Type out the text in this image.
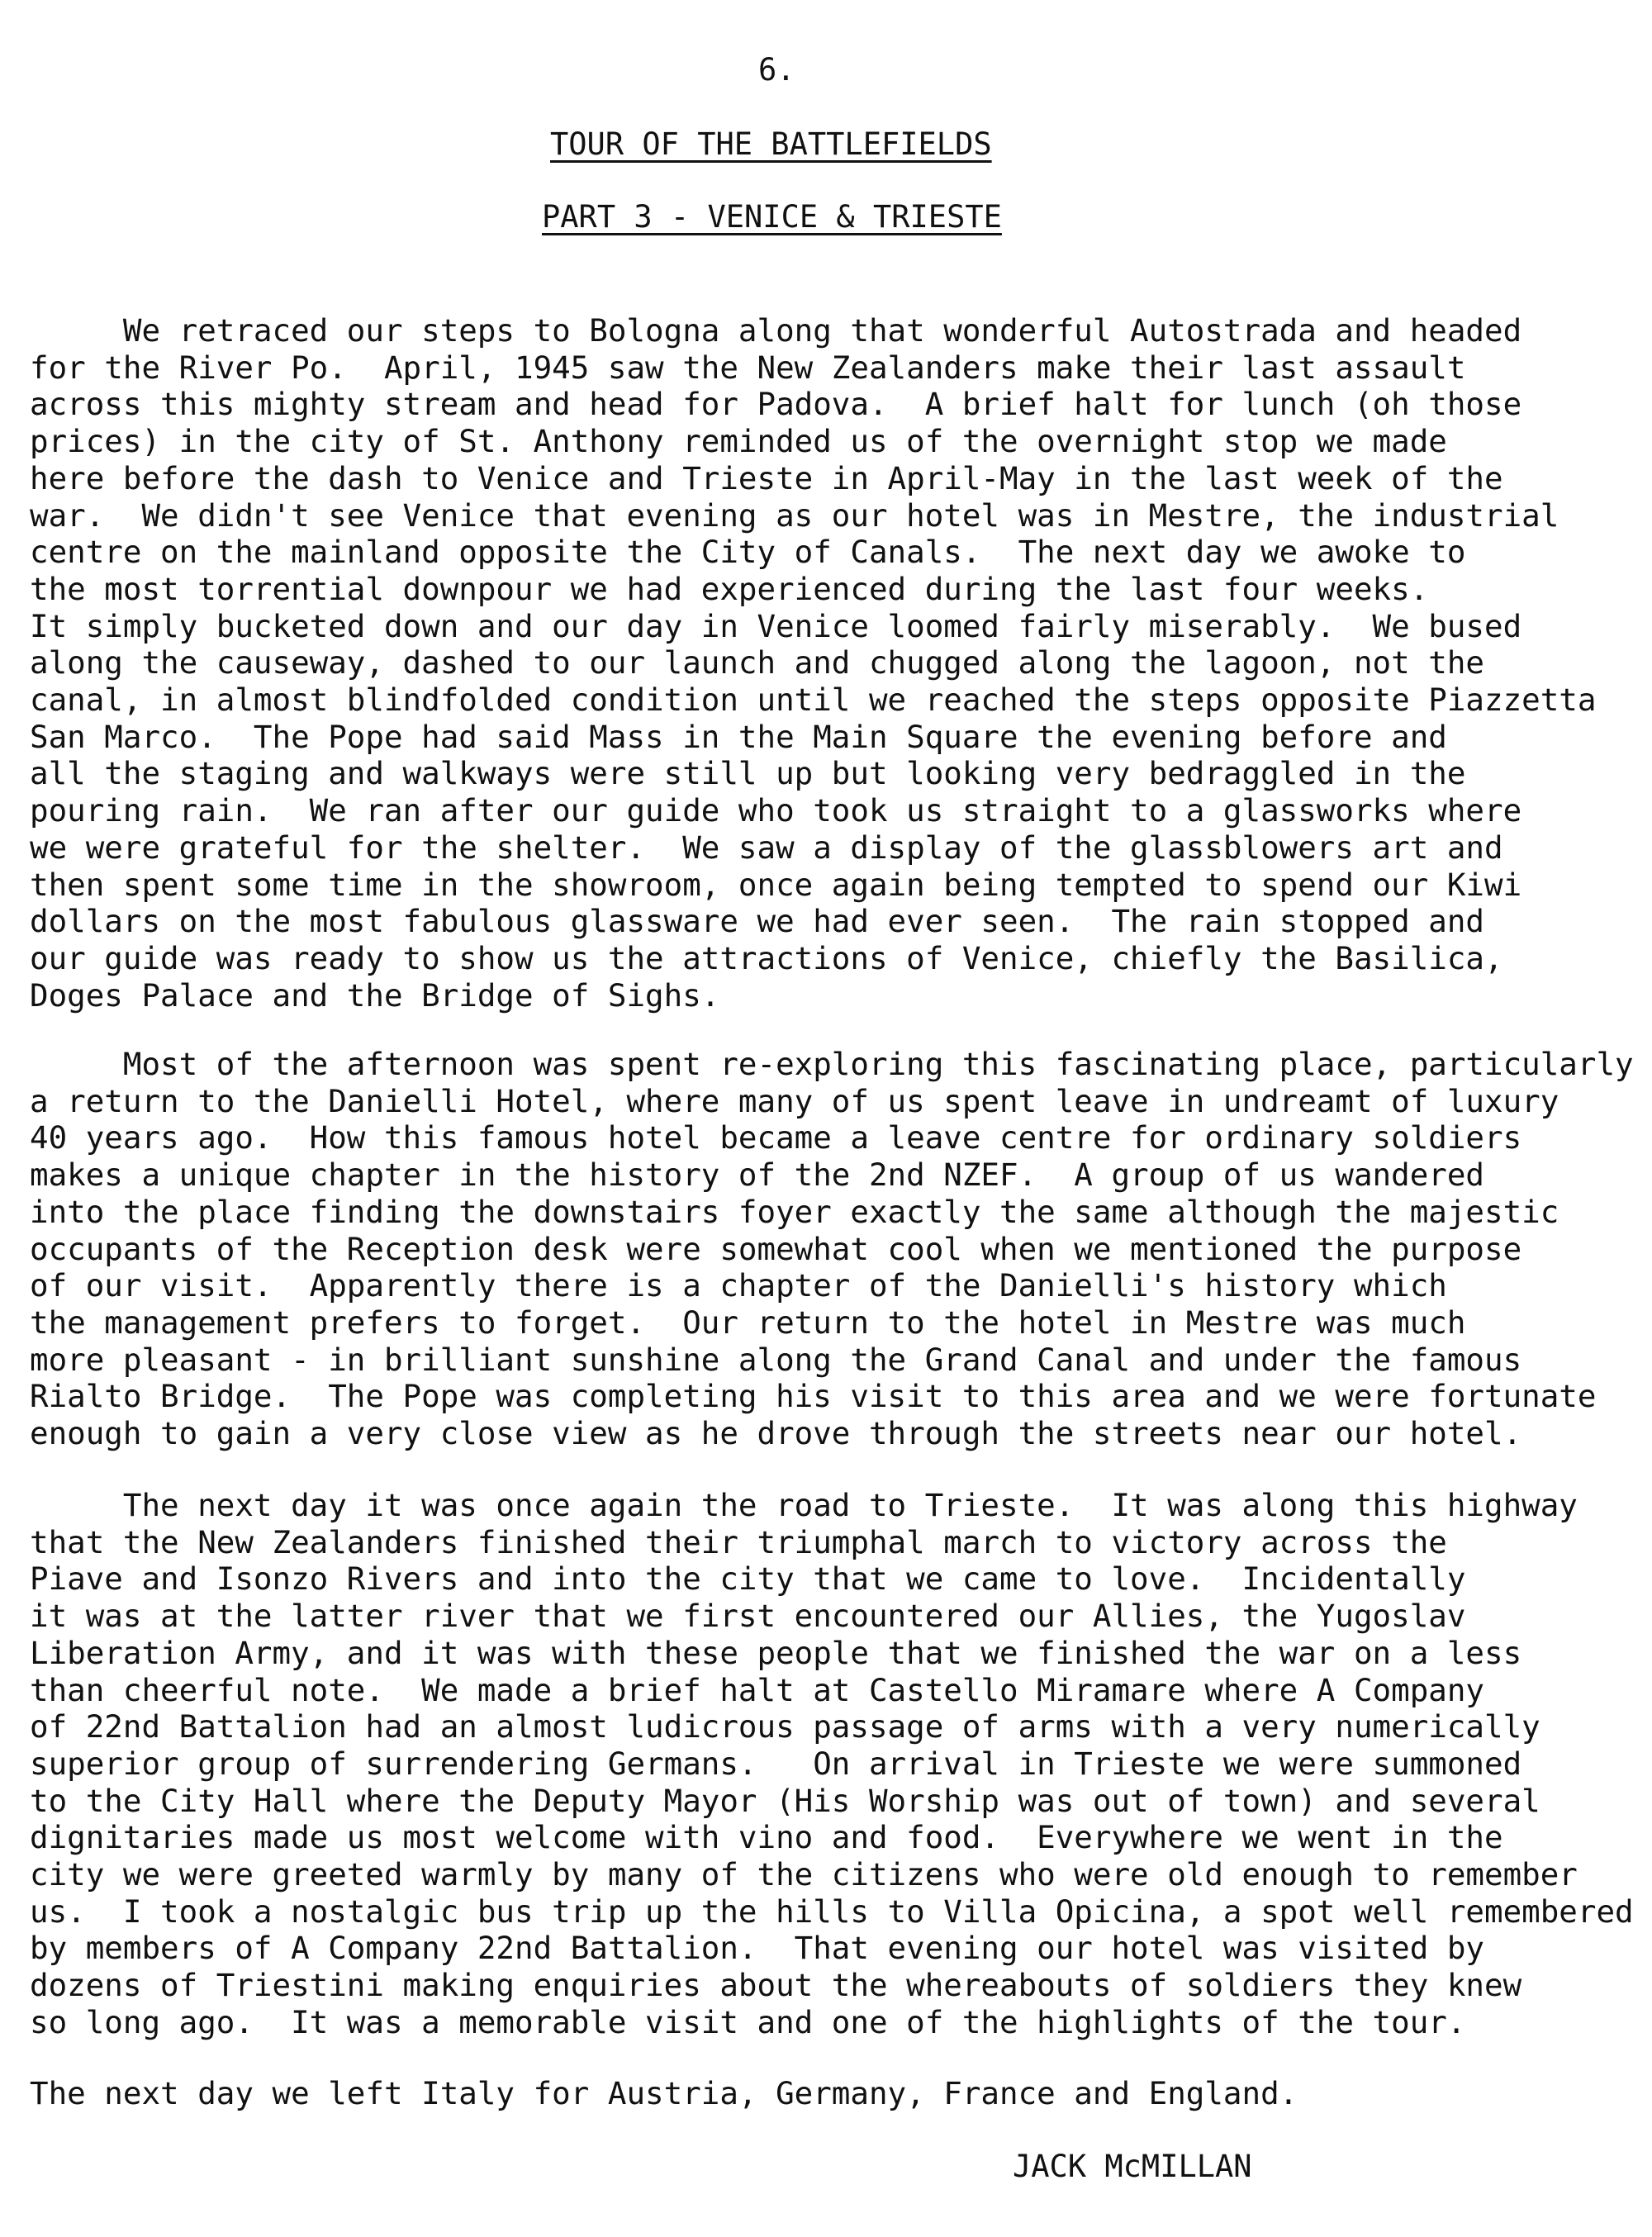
6.
TOUR OF THE BATTLEFIELDS
PART 3 - VENICE & TRIESTE
We retraced our steps to Bologna along that wonderful Autostrada and headed
for the River Po.  April, 1945 saw the New Zealanders make their last assault
across this mighty stream and head for Padova.  A brief halt for lunch (oh those
prices) in the city of St. Anthony reminded us of the overnight stop we made
here before the dash to Venice and Trieste in April-May in the last week of the
war.  We didn't see Venice that evening as our hotel was in Mestre, the industrial
centre on the mainland opposite the City of Canals.  The next day we awoke to
the most torrential downpour we had experienced during the last four weeks.
It simply bucketed down and our day in Venice loomed fairly miserably.  We bused
along the causeway, dashed to our launch and chugged along the lagoon, not the
canal, in almost blindfolded condition until we reached the steps opposite Piazzetta
San Marco.  The Pope had said Mass in the Main Square the evening before and
all the staging and walkways were still up but looking very bedraggled in the
pouring rain.  We ran after our guide who took us straight to a glassworks where
we were grateful for the shelter.  We saw a display of the glassblowers art and
then spent some time in the showroom, once again being tempted to spend our Kiwi
dollars on the most fabulous glassware we had ever seen.  The rain stopped and
our guide was ready to show us the attractions of Venice, chiefly the Basilica,
Doges Palace and the Bridge of Sighs.
Most of the afternoon was spent re-exploring this fascinating place, particularly
a return to the Danielli Hotel, where many of us spent leave in undreamt of luxury
40 years ago.  How this famous hotel became a leave centre for ordinary soldiers
makes a unique chapter in the history of the 2nd NZEF.  A group of us wandered
into the place finding the downstairs foyer exactly the same although the majestic
occupants of the Reception desk were somewhat cool when we mentioned the purpose
of our visit.  Apparently there is a chapter of the Danielli's history which
the management prefers to forget.  Our return to the hotel in Mestre was much
more pleasant - in brilliant sunshine along the Grand Canal and under the famous
Rialto Bridge.  The Pope was completing his visit to this area and we were fortunate
enough to gain a very close view as he drove through the streets near our hotel.
The next day it was once again the road to Trieste.  It was along this highway
that the New Zealanders finished their triumphal march to victory across the
Piave and Isonzo Rivers and into the city that we came to love.  Incidentally
it was at the latter river that we first encountered our Allies, the Yugoslav
Liberation Army, and it was with these people that we finished the war on a less
than cheerful note.  We made a brief halt at Castello Miramare where A Company
of 22nd Battalion had an almost ludicrous passage of arms with a very numerically
superior group of surrendering Germans.   On arrival in Trieste we were summoned
to the City Hall where the Deputy Mayor (His Worship was out of town) and several
dignitaries made us most welcome with vino and food.  Everywhere we went in the
city we were greeted warmly by many of the citizens who were old enough to remember
us.  I took a nostalgic bus trip up the hills to Villa Opicina, a spot well remembered
by members of A Company 22nd Battalion.  That evening our hotel was visited by
dozens of Triestini making enquiries about the whereabouts of soldiers they knew
so long ago.  It was a memorable visit and one of the highlights of the tour.
The next day we left Italy for Austria, Germany, France and England.
JACK McMILLAN
